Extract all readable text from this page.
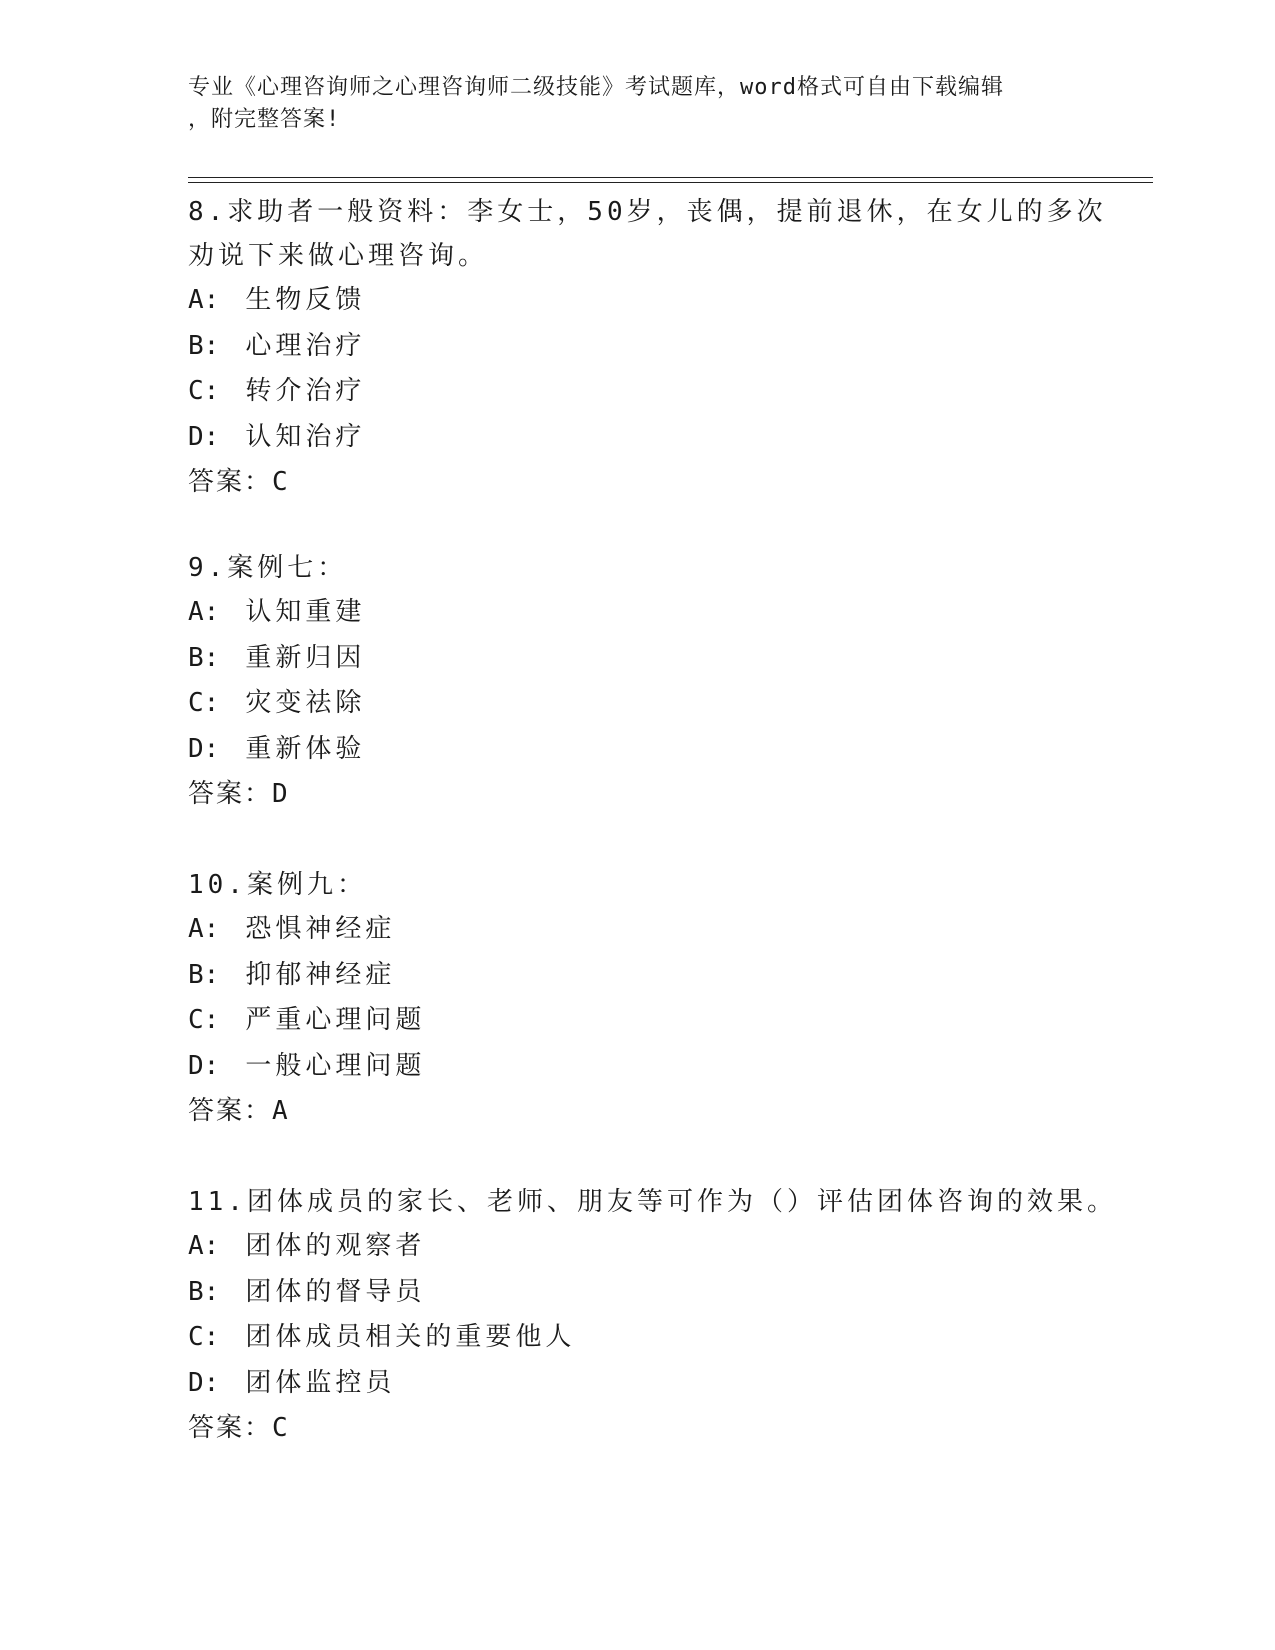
专业《心理咨询师之心理咨询师二级技能》考试题库，word格式可自由下载编辑
，附完整答案!
8.求助者一般资料：李女士，50岁，丧偶，提前退休，在女儿的多次
劝说下来做心理咨询。
A: 生物反馈
B: 心理治疗
C: 转介治疗
D: 认知治疗
答案：C
9.案例七：
A: 认知重建
B: 重新归因
C: 灾变祛除
D: 重新体验
答案：D
10.案例九：
A: 恐惧神经症
B: 抑郁神经症
C: 严重心理问题
D: 一般心理问题
答案：A
11.团体成员的家长、老师、朋友等可作为（）评估团体咨询的效果。
A: 团体的观察者
B: 团体的督导员
C: 团体成员相关的重要他人
D: 团体监控员
答案：C
